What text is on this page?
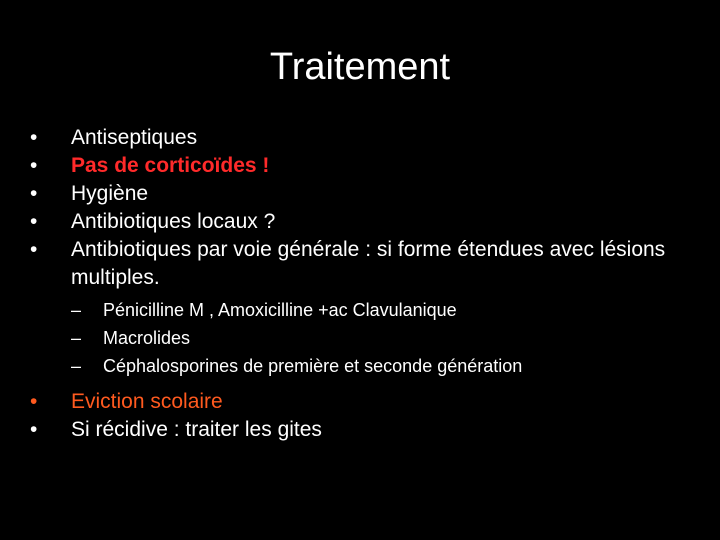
Traitement
•	Antiseptiques
•	Pas de corticoïdes !
•	Hygiène
•	Antibiotiques locaux ?
•	Antibiotiques par voie générale : si forme étendues avec lésions multiples.
– Pénicilline M , Amoxicilline +ac Clavulanique
– Macrolides
– Céphalosporines de première et seconde génération
•	Eviction scolaire
•	Si récidive : traiter les gites
